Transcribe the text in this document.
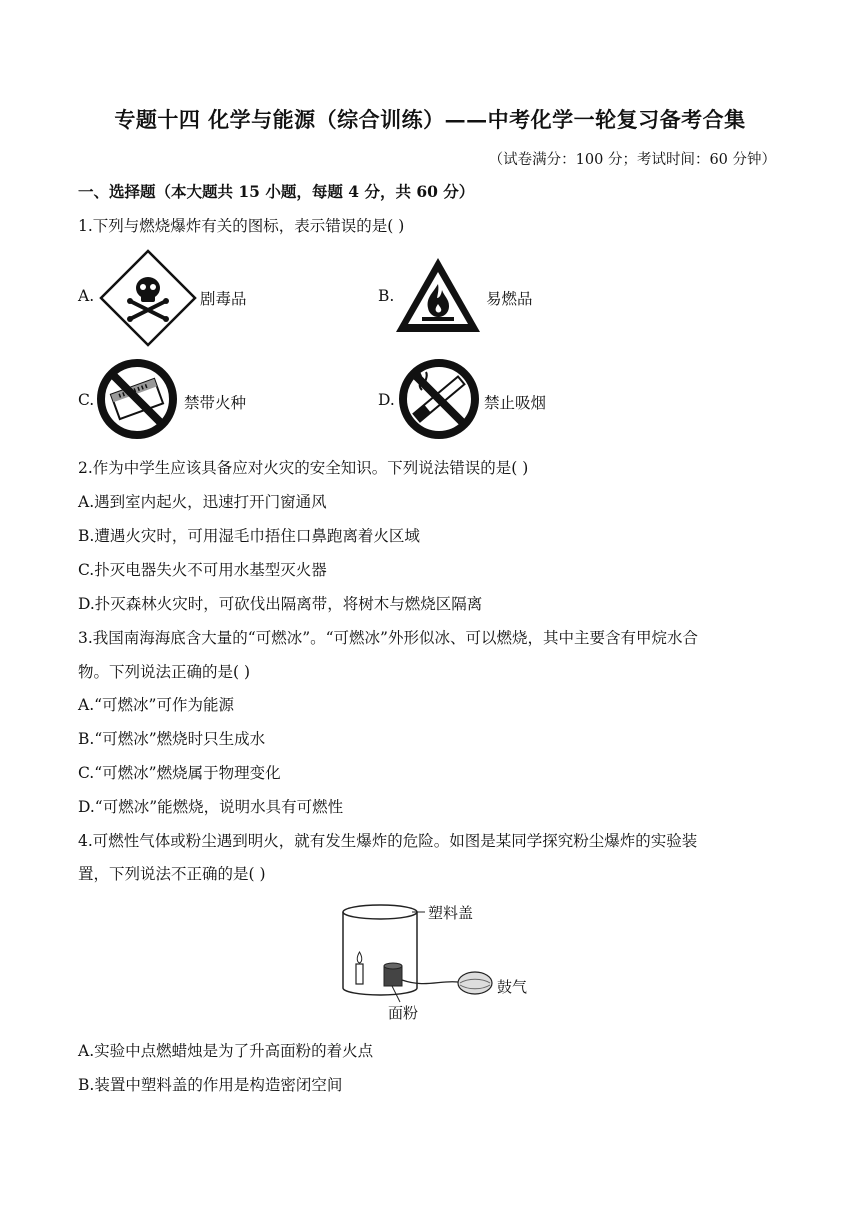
专题十四 化学与能源（综合训练）——中考化学一轮复习备考合集
（试卷满分：100 分；考试时间：60 分钟）
一、选择题（本大题共 15 小题，每题 4 分，共 60 分）
1.下列与燃烧爆炸有关的图标，表示错误的是( )
A.	剧毒品	B.	易燃品
C.	禁带火种	D.	禁止吸烟
2.作为中学生应该具备应对火灾的安全知识。下列说法错误的是( )
A.遇到室内起火，迅速打开门窗通风
B.遭遇火灾时，可用湿毛巾捂住口鼻跑离着火区域
C.扑灭电器失火不可用水基型灭火器
D.扑灭森林火灾时，可砍伐出隔离带，将树木与燃烧区隔离
3.我国南海海底含大量的“可燃冰”。“可燃冰”外形似冰、可以燃烧，其中主要含有甲烷水合
物。下列说法正确的是( )
A.“可燃冰”可作为能源
B.“可燃冰”燃烧时只生成水
C.“可燃冰”燃烧属于物理变化
D.“可燃冰”能燃烧，说明水具有可燃性
4.可燃性气体或粉尘遇到明火，就有发生爆炸的危险。如图是某同学探究粉尘爆炸的实验装
置，下列说法不正确的是( )
塑料盖
鼓气
面粉
A.实验中点燃蜡烛是为了升高面粉的着火点
B.装置中塑料盖的作用是构造密闭空间
